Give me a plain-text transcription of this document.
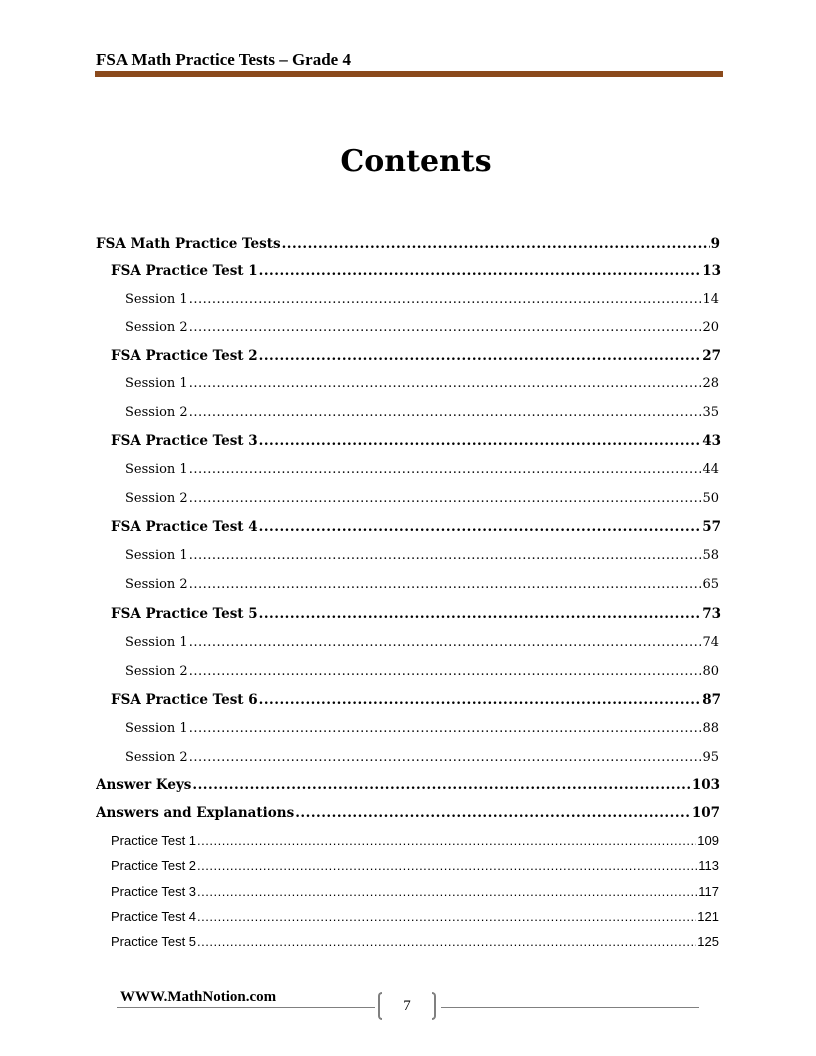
FSA Math Practice Tests – Grade 4
Contents
FSA Math Practice Tests .....	9
FSA Practice Test 1 .....	13
Session 1 .....	14
Session 2 .....	20
FSA Practice Test 2 .....	27
Session 1 .....	28
Session 2 .....	35
FSA Practice Test 3 .....	43
Session 1 .....	44
Session 2 .....	50
FSA Practice Test 4 .....	57
Session 1 .....	58
Session 2 .....	65
FSA Practice Test 5 .....	73
Session 1 .....	74
Session 2 .....	80
FSA Practice Test 6 .....	87
Session 1 .....	88
Session 2 .....	95
Answer Keys .....	103
Answers and Explanations .....	107
Practice Test 1 .....	109
Practice Test 2 .....	113
Practice Test 3 .....	117
Practice Test 4 .....	121
Practice Test 5 .....	125
WWW.MathNotion.com
7
